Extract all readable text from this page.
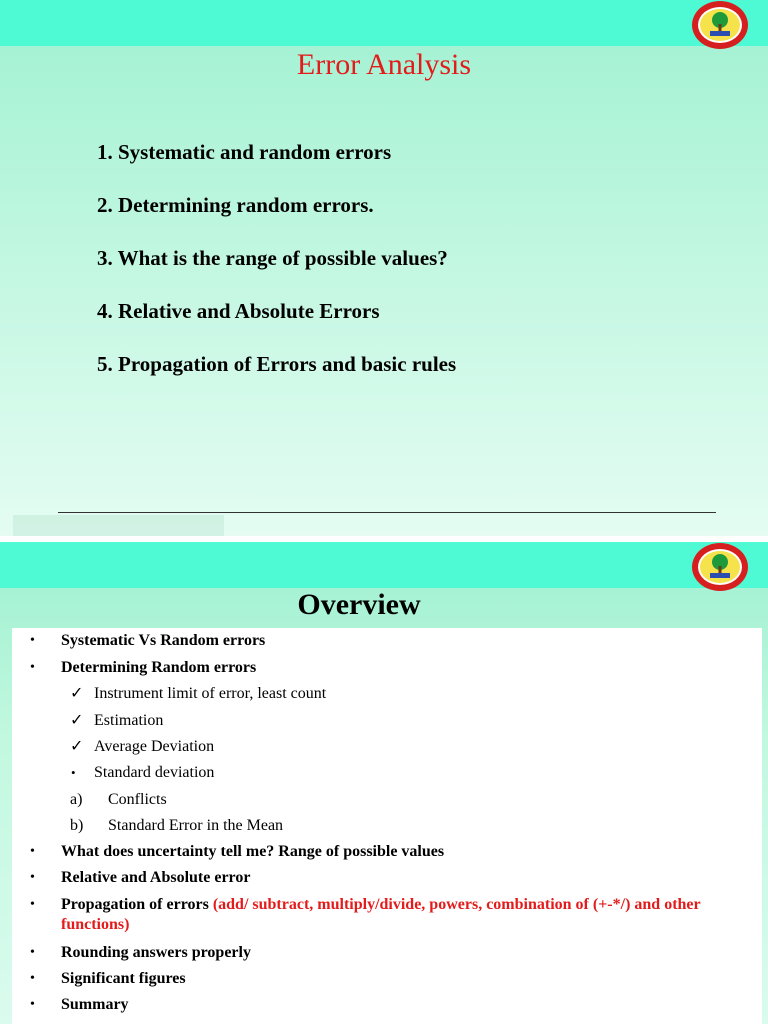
Error Analysis
1. Systematic and random errors
2. Determining random errors.
3. What is the range of possible values?
4. Relative and Absolute Errors
5. Propagation of Errors and basic rules
Overview
• Systematic Vs Random errors
• Determining Random errors
✓ Instrument limit of error, least count
✓ Estimation
✓ Average Deviation
• Standard deviation
a) Conflicts
b) Standard Error in the Mean
• What does uncertainty tell me? Range of possible values
• Relative and Absolute error
• Propagation of errors (add/ subtract, multiply/divide, powers, combination of (+-*/) and other functions)
• Rounding answers properly
• Significant figures
• Summary
